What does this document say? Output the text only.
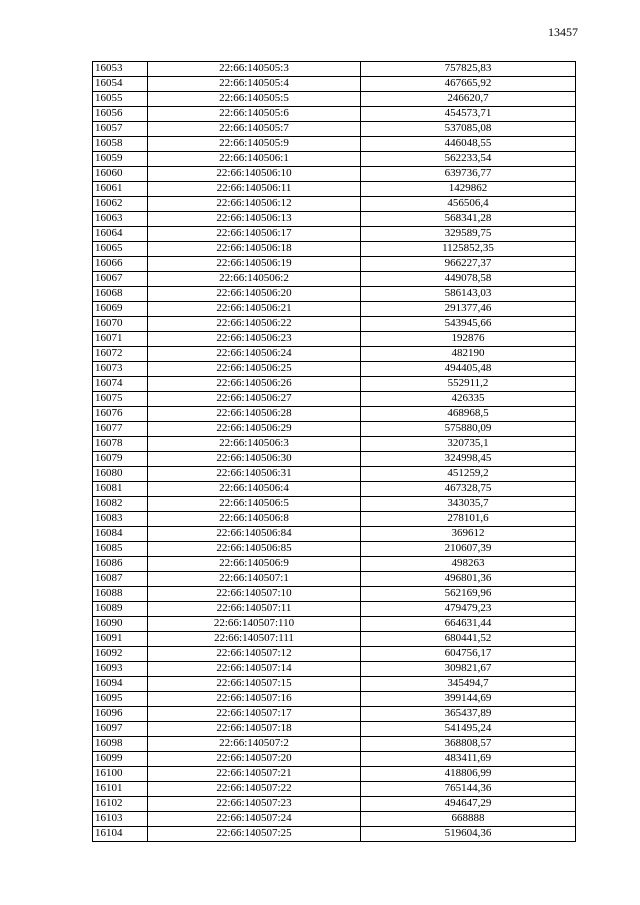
13457
16053	22:66:140505:3	757825,83
16054	22:66:140505:4	467665,92
16055	22:66:140505:5	246620,7
16056	22:66:140505:6	454573,71
16057	22:66:140505:7	537085,08
16058	22:66:140505:9	446048,55
16059	22:66:140506:1	562233,54
16060	22:66:140506:10	639736,77
16061	22:66:140506:11	1429862
16062	22:66:140506:12	456506,4
16063	22:66:140506:13	568341,28
16064	22:66:140506:17	329589,75
16065	22:66:140506:18	1125852,35
16066	22:66:140506:19	966227,37
16067	22:66:140506:2	449078,58
16068	22:66:140506:20	586143,03
16069	22:66:140506:21	291377,46
16070	22:66:140506:22	543945,66
16071	22:66:140506:23	192876
16072	22:66:140506:24	482190
16073	22:66:140506:25	494405,48
16074	22:66:140506:26	552911,2
16075	22:66:140506:27	426335
16076	22:66:140506:28	468968,5
16077	22:66:140506:29	575880,09
16078	22:66:140506:3	320735,1
16079	22:66:140506:30	324998,45
16080	22:66:140506:31	451259,2
16081	22:66:140506:4	467328,75
16082	22:66:140506:5	343035,7
16083	22:66:140506:8	278101,6
16084	22:66:140506:84	369612
16085	22:66:140506:85	210607,39
16086	22:66:140506:9	498263
16087	22:66:140507:1	496801,36
16088	22:66:140507:10	562169,96
16089	22:66:140507:11	479479,23
16090	22:66:140507:110	664631,44
16091	22:66:140507:111	680441,52
16092	22:66:140507:12	604756,17
16093	22:66:140507:14	309821,67
16094	22:66:140507:15	345494,7
16095	22:66:140507:16	399144,69
16096	22:66:140507:17	365437,89
16097	22:66:140507:18	541495,24
16098	22:66:140507:2	368808,57
16099	22:66:140507:20	483411,69
16100	22:66:140507:21	418806,99
16101	22:66:140507:22	765144,36
16102	22:66:140507:23	494647,29
16103	22:66:140507:24	668888
16104	22:66:140507:25	519604,36
